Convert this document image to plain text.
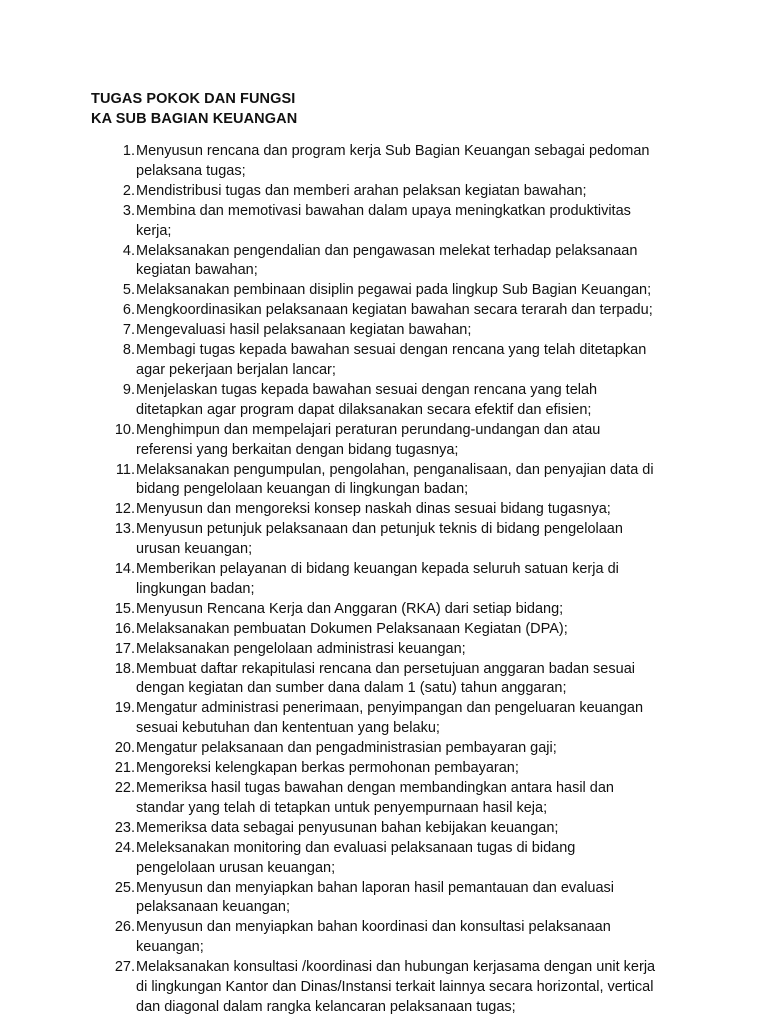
TUGAS POKOK DAN FUNGSI
KA SUB BAGIAN KEUANGAN
1. Menyusun rencana dan program kerja Sub Bagian Keuangan sebagai pedoman
pelaksana tugas;
2. Mendistribusi tugas dan memberi arahan pelaksan kegiatan bawahan;
3. Membina dan memotivasi bawahan dalam upaya meningkatkan produktivitas
kerja;
4. Melaksanakan pengendalian dan pengawasan melekat terhadap pelaksanaan
kegiatan bawahan;
5. Melaksanakan pembinaan disiplin pegawai pada lingkup Sub Bagian Keuangan;
6. Mengkoordinasikan pelaksanaan kegiatan bawahan secara terarah dan terpadu;
7. Mengevaluasi hasil pelaksanaan kegiatan bawahan;
8. Membagi tugas kepada bawahan sesuai dengan rencana yang telah ditetapkan
agar pekerjaan berjalan lancar;
9. Menjelaskan tugas kepada bawahan sesuai dengan rencana yang telah
ditetapkan agar program dapat dilaksanakan secara efektif dan efisien;
10. Menghimpun dan mempelajari peraturan perundang-undangan dan atau
referensi yang berkaitan dengan bidang tugasnya;
11. Melaksanakan pengumpulan, pengolahan, penganalisaan, dan penyajian data di
bidang pengelolaan keuangan di lingkungan badan;
12. Menyusun dan mengoreksi konsep naskah dinas sesuai bidang tugasnya;
13. Menyusun petunjuk pelaksanaan dan petunjuk teknis di bidang pengelolaan
urusan keuangan;
14. Memberikan pelayanan di bidang keuangan kepada seluruh satuan kerja di
lingkungan badan;
15. Menyusun Rencana Kerja dan Anggaran (RKA) dari setiap bidang;
16. Melaksanakan pembuatan Dokumen Pelaksanaan Kegiatan (DPA);
17. Melaksanakan pengelolaan administrasi keuangan;
18. Membuat daftar rekapitulasi rencana dan persetujuan anggaran badan sesuai
dengan kegiatan dan sumber dana dalam 1 (satu) tahun anggaran;
19. Mengatur administrasi penerimaan, penyimpangan dan pengeluaran keuangan
sesuai kebutuhan dan kententuan yang belaku;
20. Mengatur pelaksanaan dan pengadministrasian pembayaran gaji;
21. Mengoreksi kelengkapan berkas permohonan pembayaran;
22. Memeriksa hasil tugas bawahan dengan membandingkan antara hasil dan
standar yang telah di tetapkan untuk penyempurnaan hasil keja;
23. Memeriksa data sebagai penyusunan bahan kebijakan keuangan;
24. Meleksanakan monitoring dan evaluasi pelaksanaan tugas di bidang
pengelolaan urusan keuangan;
25. Menyusun dan menyiapkan bahan laporan hasil pemantauan dan evaluasi
pelaksanaan keuangan;
26. Menyusun dan menyiapkan bahan koordinasi dan konsultasi pelaksanaan
keuangan;
27. Melaksanakan konsultasi /koordinasi dan hubungan kerjasama dengan unit kerja
di lingkungan Kantor dan Dinas/Instansi terkait lainnya secara horizontal, vertical
dan diagonal dalam rangka kelancaran pelaksanaan tugas;
